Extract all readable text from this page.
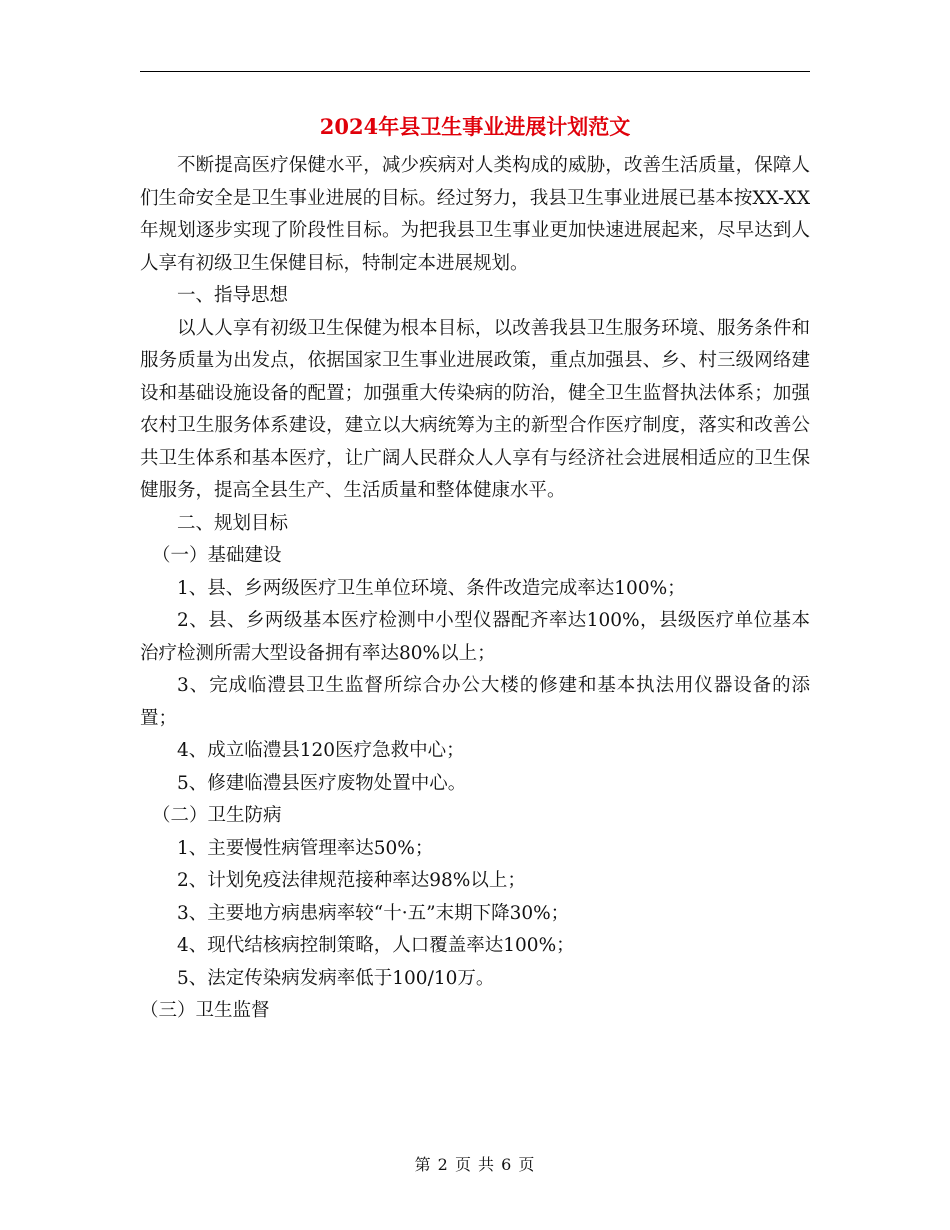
2024年县卫生事业进展计划范文

不断提高医疗保健水平，减少疾病对人类构成的威胁，改善生活质量，保障人们生命安全是卫生事业进展的目标。经过努力，我县卫生事业进展已基本按XX-XX年规划逐步实现了阶段性目标。为把我县卫生事业更加快速进展起来，尽早达到人人享有初级卫生保健目标，特制定本进展规划。

一、指导思想

以人人享有初级卫生保健为根本目标，以改善我县卫生服务环境、服务条件和服务质量为出发点，依据国家卫生事业进展政策，重点加强县、乡、村三级网络建设和基础设施设备的配置；加强重大传染病的防治，健全卫生监督执法体系；加强农村卫生服务体系建设，建立以大病统筹为主的新型合作医疗制度，落实和改善公共卫生体系和基本医疗，让广阔人民群众人人享有与经济社会进展相适应的卫生保健服务，提高全县生产、生活质量和整体健康水平。

二、规划目标

（一）基础建设

1、县、乡两级医疗卫生单位环境、条件改造完成率达100%；

2、县、乡两级基本医疗检测中小型仪器配齐率达100%，县级医疗单位基本治疗检测所需大型设备拥有率达80%以上；

3、完成临澧县卫生监督所综合办公大楼的修建和基本执法用仪器设备的添置；

4、成立临澧县120医疗急救中心；

5、修建临澧县医疗废物处置中心。

（二）卫生防病

1、主要慢性病管理率达50%；

2、计划免疫法律规范接种率达98%以上；

3、主要地方病患病率较“十·五”末期下降30%；

4、现代结核病控制策略，人口覆盖率达100%；

5、法定传染病发病率低于100/10万。

（三）卫生监督

第 2 页 共 6 页
